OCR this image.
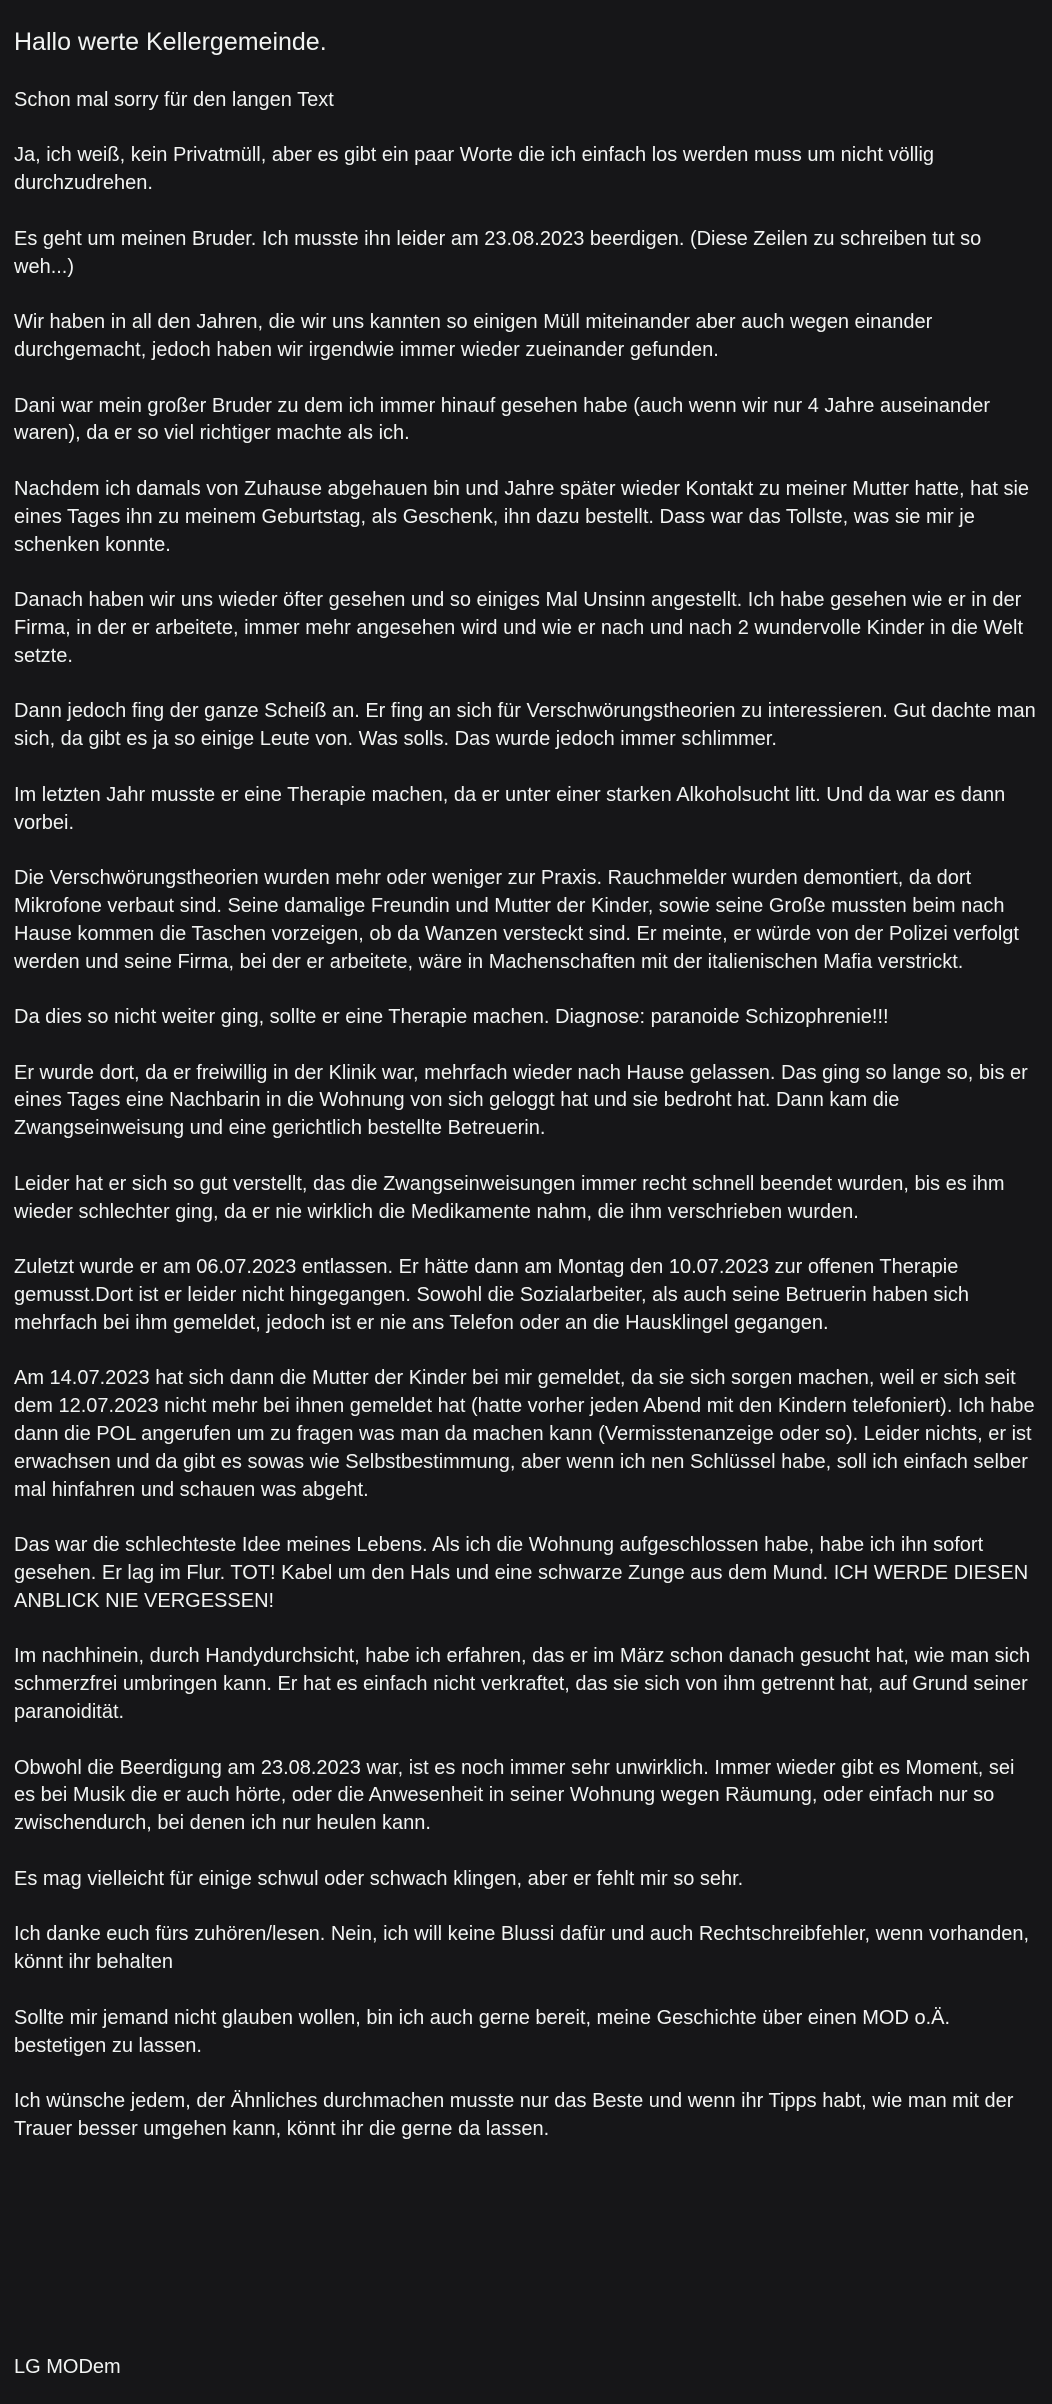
Hallo werte Kellergemeinde.

Schon mal sorry für den langen Text

Ja, ich weiß, kein Privatmüll, aber es gibt ein paar Worte die ich einfach los werden muss um nicht völlig durchzudrehen.

Es geht um meinen Bruder. Ich musste ihn leider am 23.08.2023 beerdigen. (Diese Zeilen zu schreiben tut so weh...)

Wir haben in all den Jahren, die wir uns kannten so einigen Müll miteinander aber auch wegen einander durchgemacht, jedoch haben wir irgendwie immer wieder zueinander gefunden.

Dani war mein großer Bruder zu dem ich immer hinauf gesehen habe (auch wenn wir nur 4 Jahre auseinander waren), da er so viel richtiger machte als ich.

Nachdem ich damals von Zuhause abgehauen bin und Jahre später wieder Kontakt zu meiner Mutter hatte, hat sie eines Tages ihn zu meinem Geburtstag, als Geschenk, ihn dazu bestellt. Dass war das Tollste, was sie mir je schenken konnte.

Danach haben wir uns wieder öfter gesehen und so einiges Mal Unsinn angestellt. Ich habe gesehen wie er in der Firma, in der er arbeitete, immer mehr angesehen wird und wie er nach und nach 2 wundervolle Kinder in die Welt setzte.

Dann jedoch fing der ganze Scheiß an. Er fing an sich für Verschwörungstheorien zu interessieren. Gut dachte man sich, da gibt es ja so einige Leute von. Was solls. Das wurde jedoch immer schlimmer.

Im letzten Jahr musste er eine Therapie machen, da er unter einer starken Alkoholsucht litt. Und da war es dann vorbei.

Die Verschwörungstheorien wurden mehr oder weniger zur Praxis. Rauchmelder wurden demontiert, da dort Mikrofone verbaut sind. Seine damalige Freundin und Mutter der Kinder, sowie seine Große mussten beim nach Hause kommen die Taschen vorzeigen, ob da Wanzen versteckt sind. Er meinte, er würde von der Polizei verfolgt werden und seine Firma, bei der er arbeitete, wäre in Machenschaften mit der italienischen Mafia verstrickt.

Da dies so nicht weiter ging, sollte er eine Therapie machen. Diagnose: paranoide Schizophrenie!!!

Er wurde dort, da er freiwillig in der Klinik war, mehrfach wieder nach Hause gelassen. Das ging so lange so, bis er eines Tages eine Nachbarin in die Wohnung von sich geloggt hat und sie bedroht hat. Dann kam die Zwangseinweisung und eine gerichtlich bestellte Betreuerin.

Leider hat er sich so gut verstellt, das die Zwangseinweisungen immer recht schnell beendet wurden, bis es ihm wieder schlechter ging, da er nie wirklich die Medikamente nahm, die ihm verschrieben wurden.

Zuletzt wurde er am 06.07.2023 entlassen. Er hätte dann am Montag den 10.07.2023 zur offenen Therapie gemusst.Dort ist er leider nicht hingegangen. Sowohl die Sozialarbeiter, als auch seine Betruerin haben sich mehrfach bei ihm gemeldet, jedoch ist er nie ans Telefon oder an die Hausklingel gegangen.

Am 14.07.2023 hat sich dann die Mutter der Kinder bei mir gemeldet, da sie sich sorgen machen, weil er sich seit dem 12.07.2023 nicht mehr bei ihnen gemeldet hat (hatte vorher jeden Abend mit den Kindern telefoniert). Ich habe dann die POL angerufen um zu fragen was man da machen kann (Vermisstenanzeige oder so). Leider nichts, er ist erwachsen und da gibt es sowas wie Selbstbestimmung, aber wenn ich nen Schlüssel habe, soll ich einfach selber mal hinfahren und schauen was abgeht.

Das war die schlechteste Idee meines Lebens. Als ich die Wohnung aufgeschlossen habe, habe ich ihn sofort gesehen. Er lag im Flur. TOT! Kabel um den Hals und eine schwarze Zunge aus dem Mund. ICH WERDE DIESEN ANBLICK NIE VERGESSEN!

Im nachhinein, durch Handydurchsicht, habe ich erfahren, das er im März schon danach gesucht hat, wie man sich schmerzfrei umbringen kann. Er hat es einfach nicht verkraftet, das sie sich von ihm getrennt hat, auf Grund seiner paranoidität.

Obwohl die Beerdigung am 23.08.2023 war, ist es noch immer sehr unwirklich. Immer wieder gibt es Moment, sei es bei Musik die er auch hörte, oder die Anwesenheit in seiner Wohnung wegen Räumung, oder einfach nur so zwischendurch, bei denen ich nur heulen kann.

Es mag vielleicht für einige schwul oder schwach klingen, aber er fehlt mir so sehr.

Ich danke euch fürs zuhören/lesen. Nein, ich will keine Blussi dafür und auch Rechtschreibfehler, wenn vorhanden, könnt ihr behalten

Sollte mir jemand nicht glauben wollen, bin ich auch gerne bereit, meine Geschichte über einen MOD o.Ä. bestetigen zu lassen.

Ich wünsche jedem, der Ähnliches durchmachen musste nur das Beste und wenn ihr Tipps habt, wie man mit der Trauer besser umgehen kann, könnt ihr die gerne da lassen.

LG MODem
